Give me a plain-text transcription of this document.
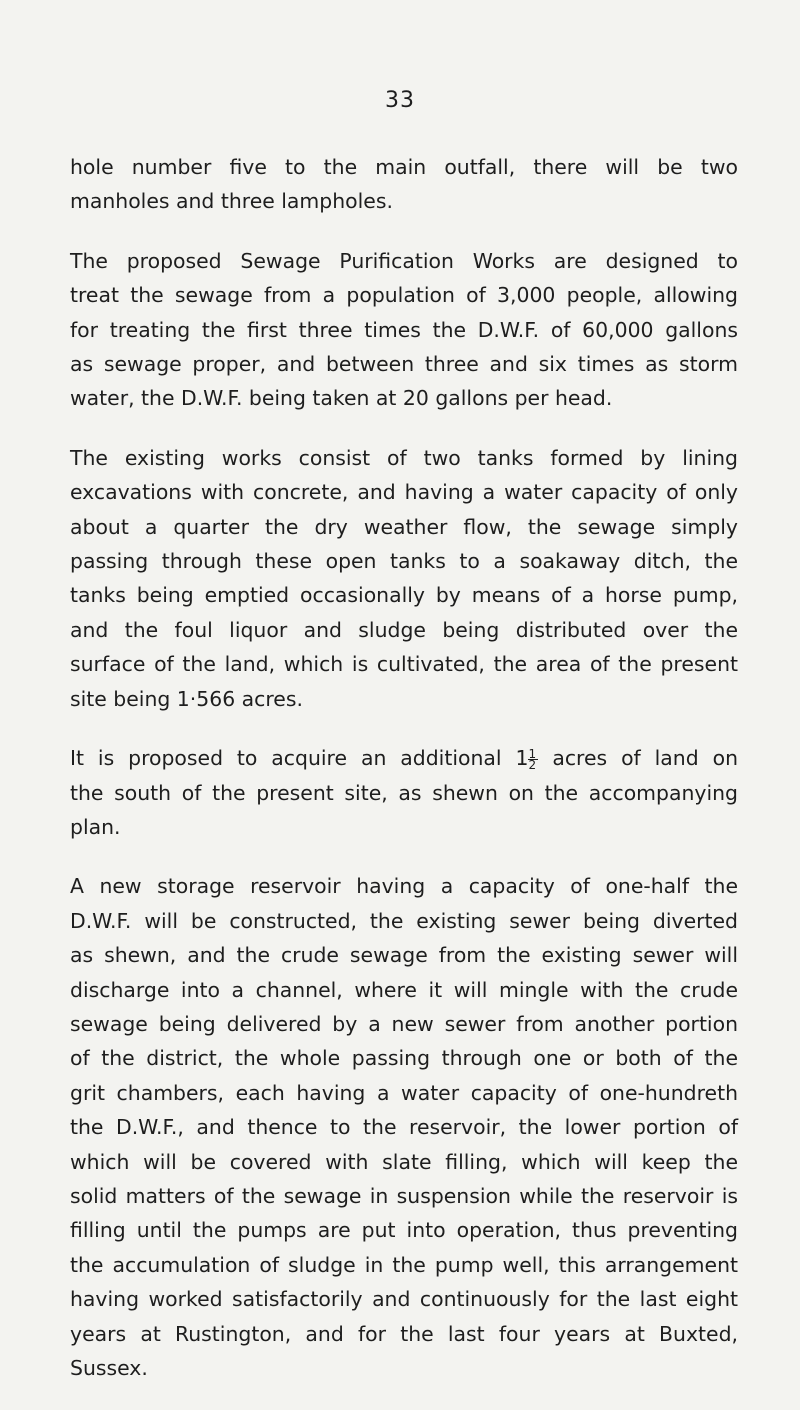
33

hole number five to the main outfall, there will be two
manholes and three lampholes.

The proposed Sewage Purification Works are designed to
treat the sewage from a population of 3,000 people, allowing
for treating the first three times the D.W.F. of 60,000 gallons
as sewage proper, and between three and six times as storm
water, the D.W.F. being taken at 20 gallons per head.

The existing works consist of two tanks formed by lining
excavations with concrete, and having a water capacity of only
about a quarter the dry weather flow, the sewage simply
passing through these open tanks to a soakaway ditch, the
tanks being emptied occasionally by means of a horse pump,
and the foul liquor and sludge being distributed over the
surface of the land, which is cultivated, the area of the present
site being 1·566 acres.

It is proposed to acquire an additional $1 \frac{1}{2}$ acres of land on
the south of the present site, as shewn on the accompanying
plan.

A new storage reservoir having a capacity of one-half the
D.W.F. will be constructed, the existing sewer being diverted
as shewn, and the crude sewage from the existing sewer will
discharge into a channel, where it will mingle with the crude
sewage being delivered by a new sewer from another portion
of the district, the whole passing through one or both of the
grit chambers, each having a water capacity of one-hundreth
the D.W.F., and thence to the reservoir, the lower portion of
which will be covered with slate filling, which will keep the
solid matters of the sewage in suspension while the reservoir is
filling until the pumps are put into operation, thus preventing
the accumulation of sludge in the pump well, this arrangement
having worked satisfactorily and continuously for the last eight
years at Rustington, and for the last four years at Buxted,
Sussex.
